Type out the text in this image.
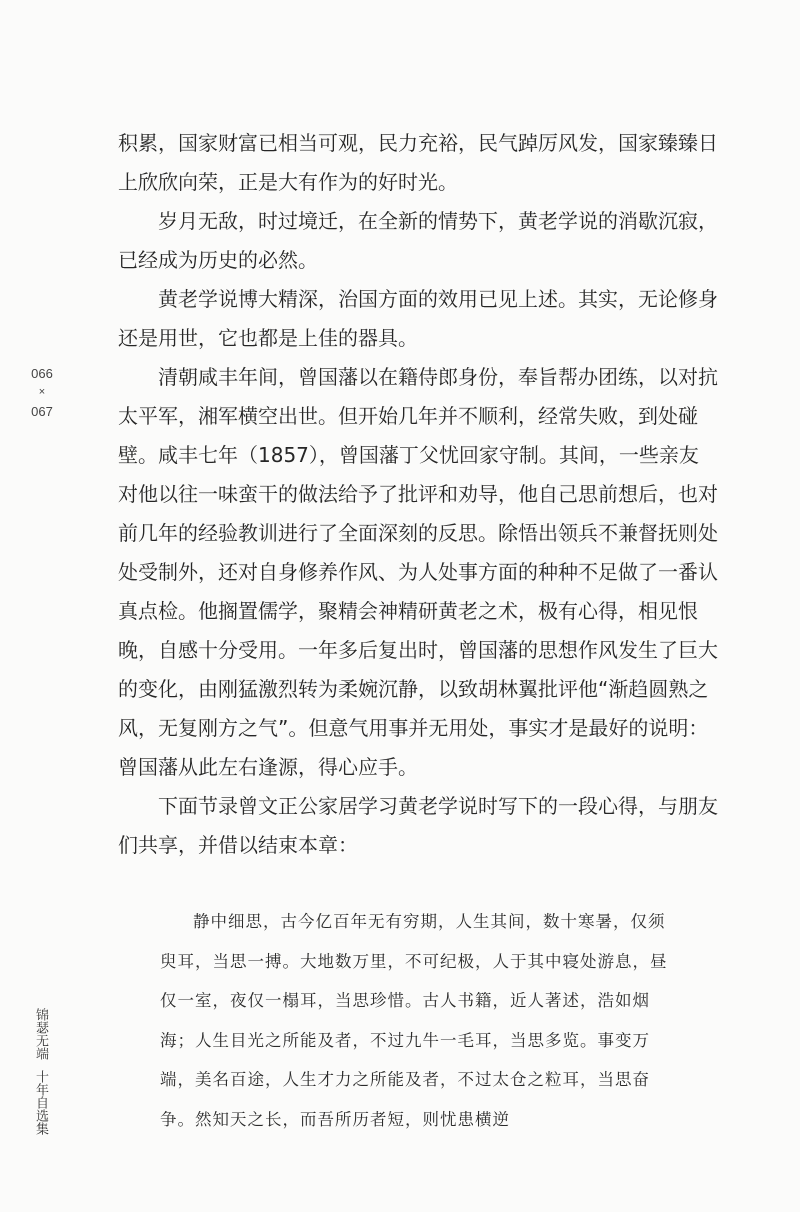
066
×
067
锦瑟无端十年自选集

积累，国家财富已相当可观，民力充裕，民气踔厉风发，国家臻臻日上欣欣向荣，正是大有作为的好时光。

岁月无敌，时过境迁，在全新的情势下，黄老学说的消歇沉寂，已经成为历史的必然。

黄老学说博大精深，治国方面的效用已见上述。其实，无论修身还是用世，它也都是上佳的器具。

清朝咸丰年间，曾国藩以在籍侍郎身份，奉旨帮办团练，以对抗太平军，湘军横空出世。但开始几年并不顺利，经常失败，到处碰壁。咸丰七年（1857），曾国藩丁父忧回家守制。其间，一些亲友对他以往一味蛮干的做法给予了批评和劝导，他自己思前想后，也对前几年的经验教训进行了全面深刻的反思。除悟出领兵不兼督抚则处处受制外，还对自身修养作风、为人处事方面的种种不足做了一番认真点检。他搁置儒学，聚精会神精研黄老之术，极有心得，相见恨晚，自感十分受用。一年多后复出时，曾国藩的思想作风发生了巨大的变化，由刚猛激烈转为柔婉沉静，以致胡林翼批评他“渐趋圆熟之风，无复刚方之气”。但意气用事并无用处，事实才是最好的说明：曾国藩从此左右逢源，得心应手。

下面节录曾文正公家居学习黄老学说时写下的一段心得，与朋友们共享，并借以结束本章：

静中细思，古今亿百年无有穷期，人生其间，数十寒暑，仅须臾耳，当思一搏。大地数万里，不可纪极，人于其中寝处游息，昼仅一室，夜仅一榻耳，当思珍惜。古人书籍，近人著述，浩如烟海；人生目光之所能及者，不过九牛一毛耳，当思多览。事变万端，美名百途，人生才力之所能及者，不过太仓之粒耳，当思奋争。然知天之长，而吾所历者短，则忧患横逆
